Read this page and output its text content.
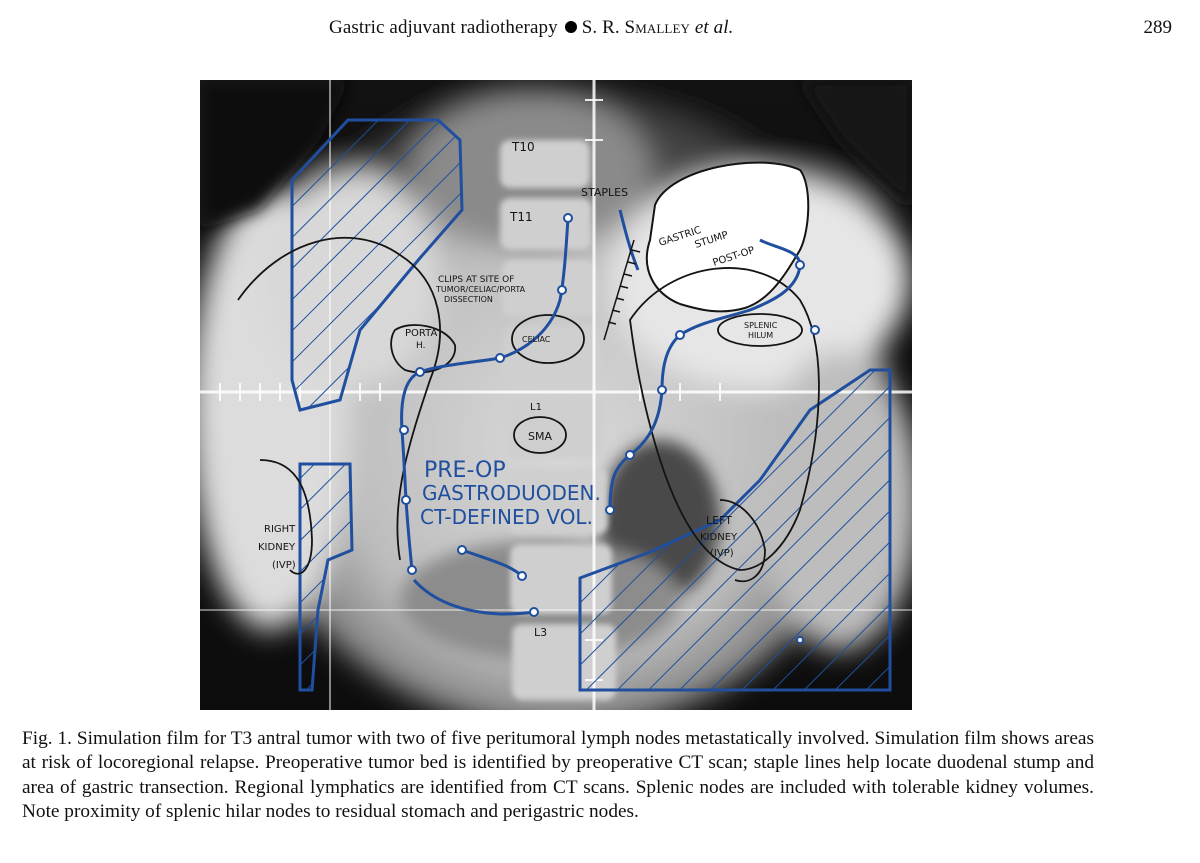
Gastric adjuvant radiotherapy S. R. Smalley et al.	289
T10
T11
STAPLES
GASTRIC
STUMP
POST-OP
CLIPS AT SITE OF
TUMOR/CELIAC/PORTA
DISSECTION
PORTA
H.
CELIAC
SPLENIC
HILUM
L1
SMA
PRE-OP
GASTRODUODEN.
CT-DEFINED VOL.
RIGHT
KIDNEY
(IVP)
LEFT
KIDNEY
(IVP)
L3
Fig. 1. Simulation film for T3 antral tumor with two of five peritumoral lymph nodes metastatically involved. Simulation film shows areas at risk of locoregional relapse. Preoperative tumor bed is identified by preoperative CT scan; staple lines help locate duodenal stump and area of gastric transection. Regional lymphatics are identified from CT scans. Splenic nodes are included with tolerable kidney volumes. Note proximity of splenic hilar nodes to residual stomach and perigastric nodes.
